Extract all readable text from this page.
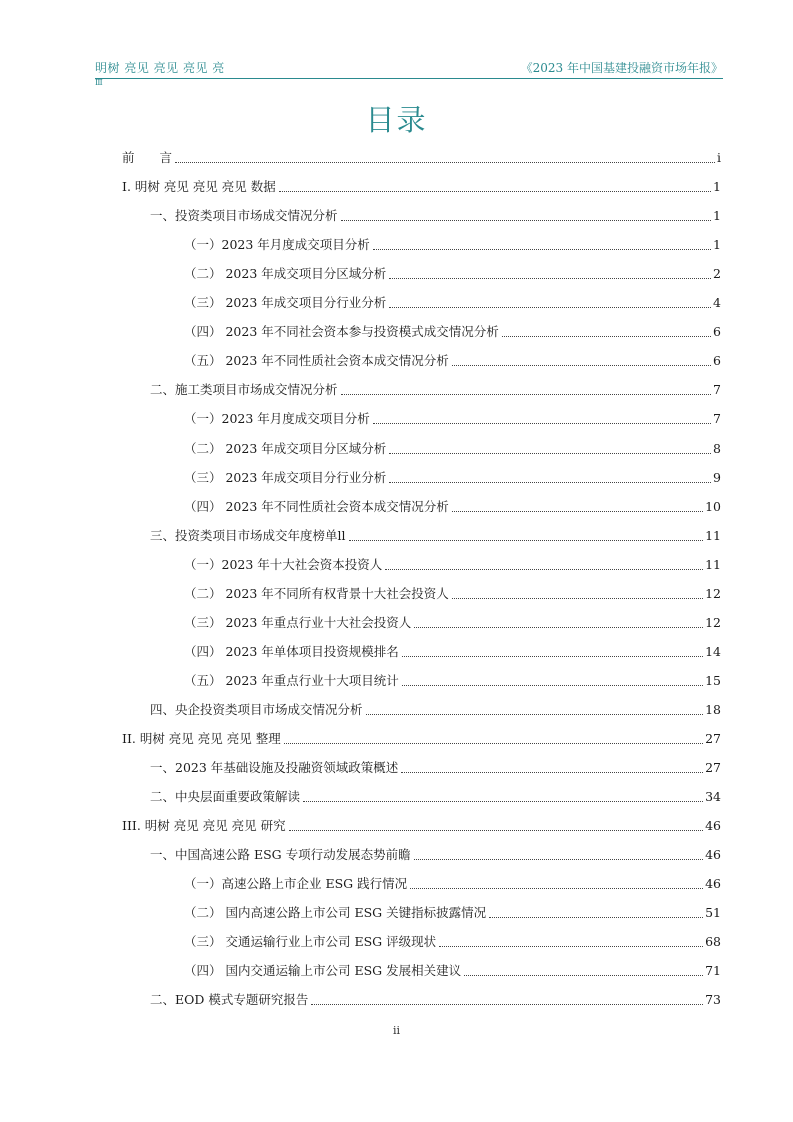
明树 亮见 亮见 亮见 亮	《2023 年中国基建投融资市场年报》
Ⅲ
目录
前　　言	i
I. 明树 亮见 亮见 亮见 数据	1
一、投资类项目市场成交情况分析	1
（一）2023 年月度成交项目分析	1
（二） 2023 年成交项目分区域分析	2
（三） 2023 年成交项目分行业分析	4
（四） 2023 年不同社会资本参与投资模式成交情况分析	6
（五） 2023 年不同性质社会资本成交情况分析	6
二、施工类项目市场成交情况分析	7
（一）2023 年月度成交项目分析	7
（二） 2023 年成交项目分区域分析	8
（三） 2023 年成交项目分行业分析	9
（四） 2023 年不同性质社会资本成交情况分析	10
三、投资类项目市场成交年度榜单ll	11
（一）2023 年十大社会资本投资人	11
（二） 2023 年不同所有权背景十大社会投资人	12
（三） 2023 年重点行业十大社会投资人	12
（四） 2023 年单体项目投资规模排名	14
（五） 2023 年重点行业十大项目统计	15
四、央企投资类项目市场成交情况分析	18
II. 明树 亮见 亮见 亮见 整理	27
一、2023 年基础设施及投融资领域政策概述	27
二、中央层面重要政策解读	34
III. 明树 亮见 亮见 亮见 研究	46
一、中国高速公路 ESG 专项行动发展态势前瞻	46
（一）高速公路上市企业 ESG 践行情况	46
（二） 国内高速公路上市公司 ESG 关键指标披露情况	51
（三） 交通运输行业上市公司 ESG 评级现状	68
（四） 国内交通运输上市公司 ESG 发展相关建议	71
二、EOD 模式专题研究报告	73
ii
